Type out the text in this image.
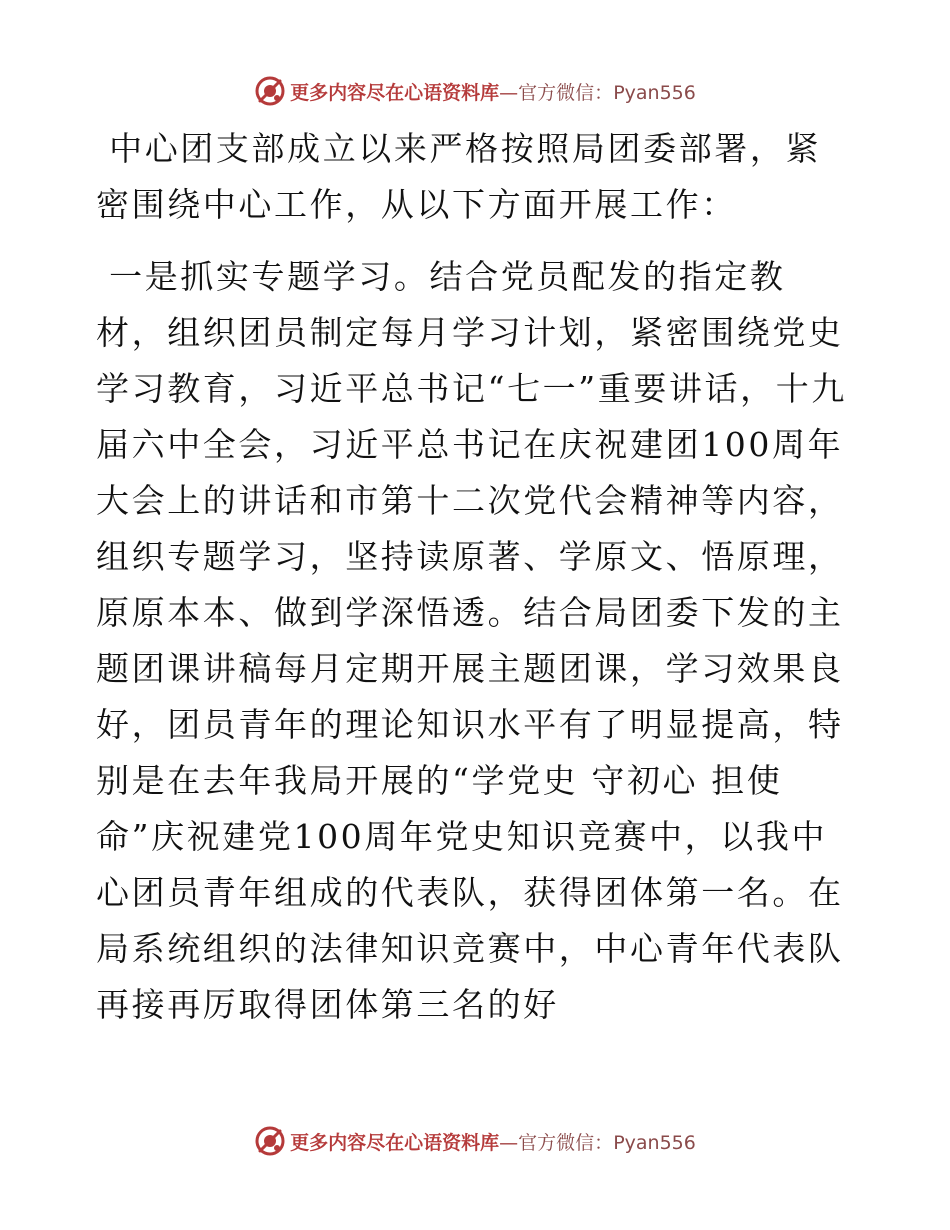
更多内容尽在心语资料库—官方微信：Pyan556

中心团支部成立以来严格按照局团委部署，紧密围绕中心工作，从以下方面开展工作：

一是抓实专题学习。结合党员配发的指定教材，组织团员制定每月学习计划，紧密围绕党史学习教育，习近平总书记“七一”重要讲话，十九届六中全会，习近平总书记在庆祝建团100周年大会上的讲话和市第十二次党代会精神等内容，组织专题学习，坚持读原著、学原文、悟原理，原原本本、做到学深悟透。结合局团委下发的主题团课讲稿每月定期开展主题团课，学习效果良好，团员青年的理论知识水平有了明显提高，特别是在去年我局开展的“学党史 守初心 担使命”庆祝建党100周年党史知识竞赛中，以我中心团员青年组成的代表队，获得团体第一名。在局系统组织的法律知识竞赛中，中心青年代表队再接再厉取得团体第三名的好

更多内容尽在心语资料库—官方微信：Pyan556
